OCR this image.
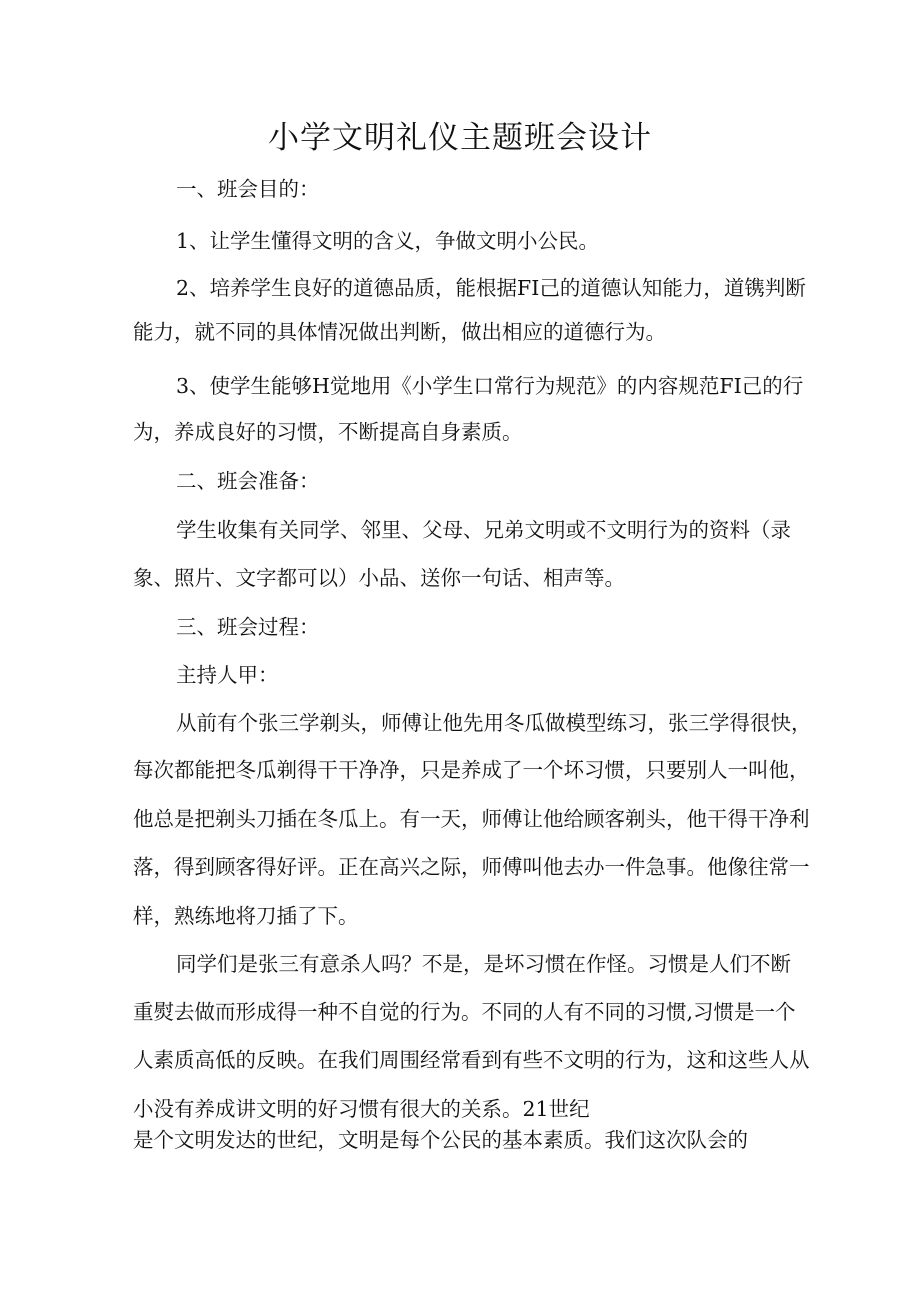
小学文明礼仪主题班会设计

一、班会目的：

1、让学生懂得文明的含义，争做文明小公民。

2、培养学生良好的道德品质，能根据FI己的道德认知能力，道镌判断

能力，就不同的具体情况做出判断，做出相应的道德行为。

3、使学生能够H觉地用《小学生口常行为规范》的内容规范FI己的行

为，养成良好的习惯，不断提高自身素质。

二、班会准备：

学生收集有关同学、邻里、父母、兄弟文明或不文明行为的资料（录

象、照片、文字都可以）小品、送你一句话、相声等。

三、班会过程：

主持人甲：

从前有个张三学剃头，师傅让他先用冬瓜做模型练习，张三学得很快，

每次都能把冬瓜剃得干干净净，只是养成了一个坏习惯，只要别人一叫他，

他总是把剃头刀插在冬瓜上。有一天，师傅让他给顾客剃头，他干得干净利

落，得到顾客得好评。正在高兴之际，师傅叫他去办一件急事。他像往常一

样，熟练地将刀插了下。

同学们是张三有意杀人吗？不是，是坏习惯在作怪。习惯是人们不断

重熨去做而形成得一种不自觉的行为。不同的人有不同的习惯,习惯是一个

人素质高低的反映。在我们周围经常看到有些不文明的行为，这和这些人从

小没有养成讲文明的好习惯有很大的关系。21世纪

是个文明发达的世纪，文明是每个公民的基本素质。我们这次队会的
